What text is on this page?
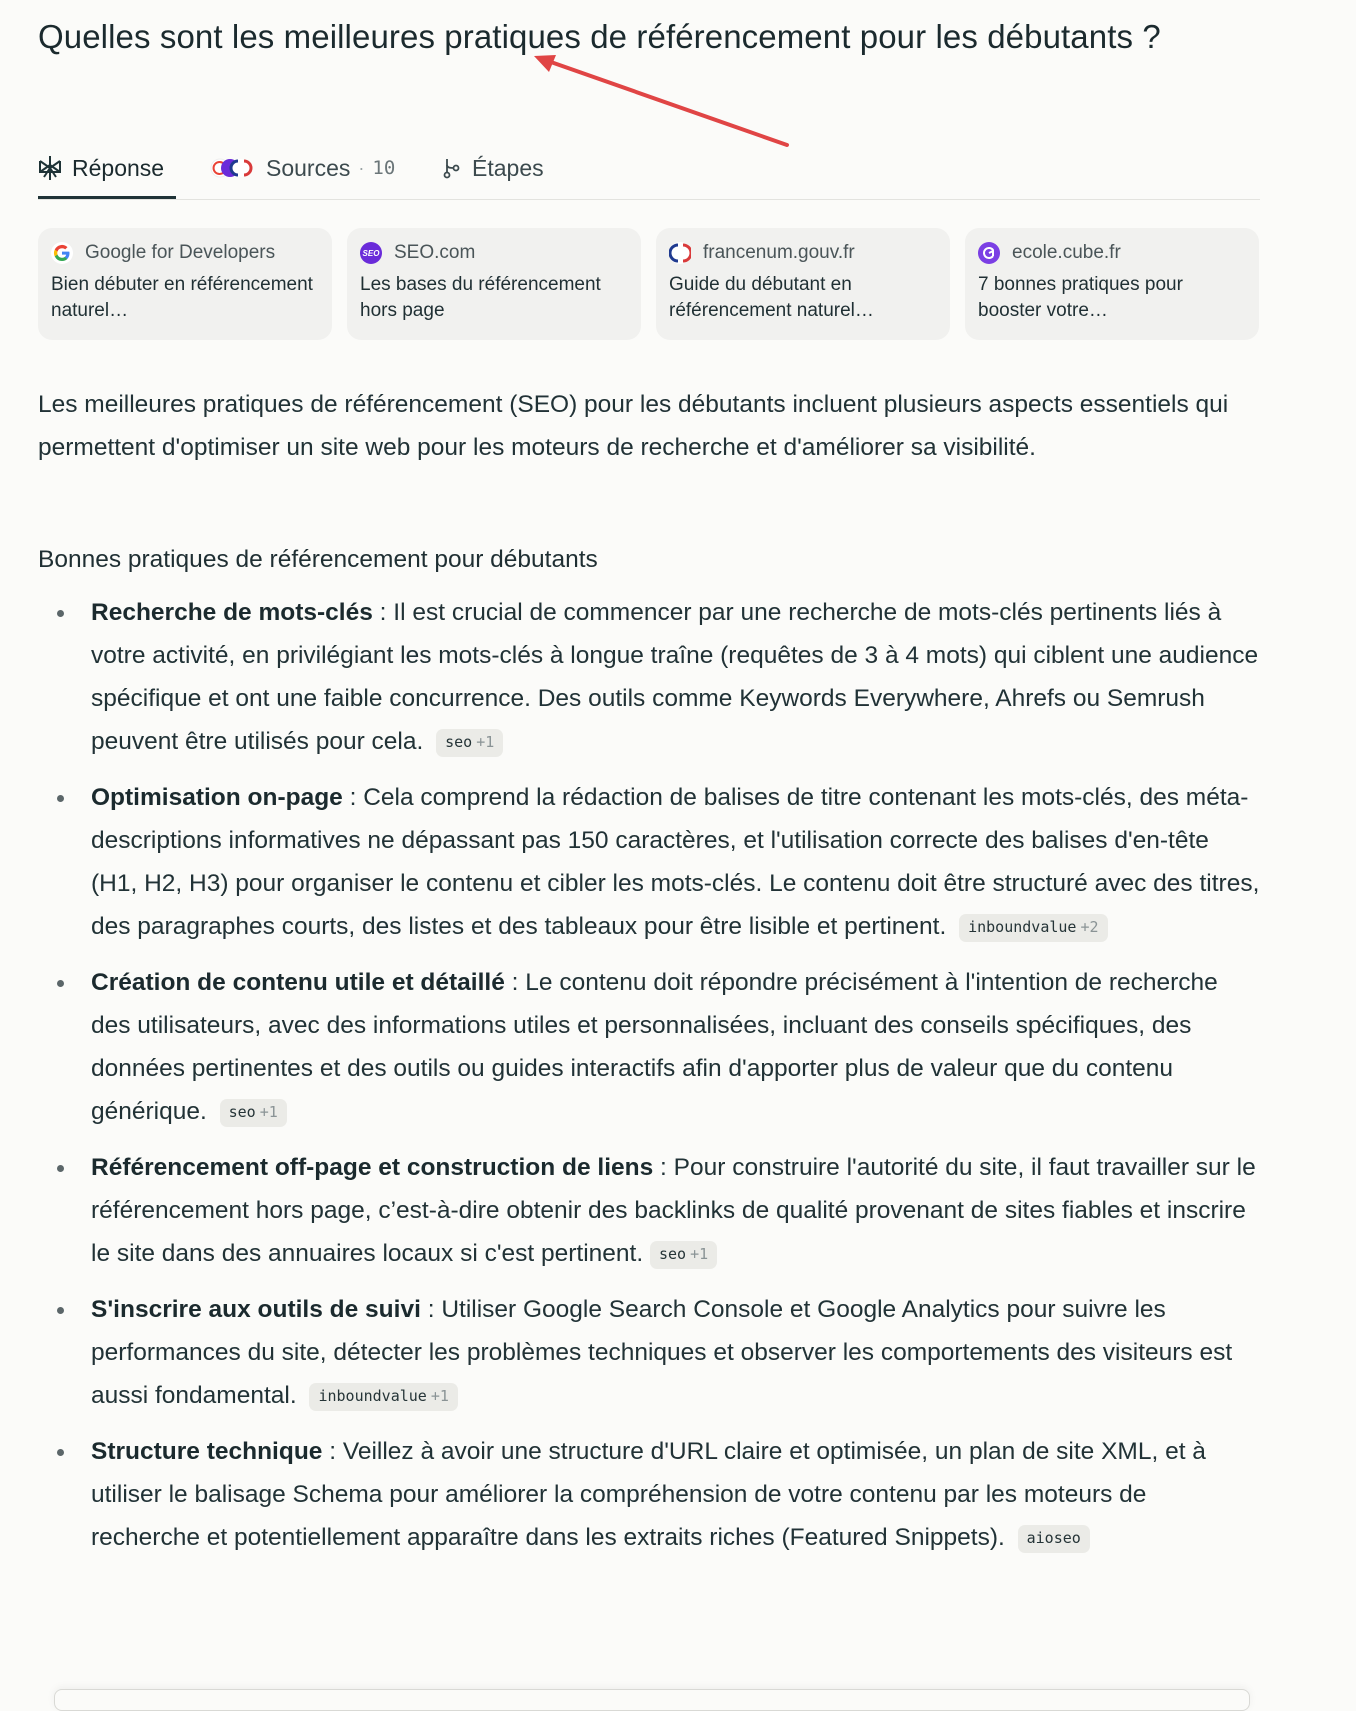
Quelles sont les meilleures pratiques de référencement pour les débutants ?
Réponse	Sources · 10	Étapes
Google for Developers
Bien débuter en référencement naturel…
SEO SEO.com
Les bases du référencement hors page
francenum.gouv.fr
Guide du débutant en référencement naturel…
ecole.cube.fr
7 bonnes pratiques pour booster votre…

Les meilleures pratiques de référencement (SEO) pour les débutants incluent plusieurs aspects essentiels qui permettent d'optimiser un site web pour les moteurs de recherche et d'améliorer sa visibilité.

Bonnes pratiques de référencement pour débutants
Recherche de mots-clés : Il est crucial de commencer par une recherche de mots-clés pertinents liés à votre activité, en privilégiant les mots-clés à longue traîne (requêtes de 3 à 4 mots) qui ciblent une audience spécifique et ont une faible concurrence. Des outils comme Keywords Everywhere, Ahrefs ou Semrush peuvent être utilisés pour cela. seo +1
Optimisation on-page : Cela comprend la rédaction de balises de titre contenant les mots-clés, des méta-descriptions informatives ne dépassant pas 150 caractères, et l'utilisation correcte des balises d'en-tête (H1, H2, H3) pour organiser le contenu et cibler les mots-clés. Le contenu doit être structuré avec des titres, des paragraphes courts, des listes et des tableaux pour être lisible et pertinent. inboundvalue +2
Création de contenu utile et détaillé : Le contenu doit répondre précisément à l'intention de recherche des utilisateurs, avec des informations utiles et personnalisées, incluant des conseils spécifiques, des données pertinentes et des outils ou guides interactifs afin d'apporter plus de valeur que du contenu générique. seo +1
Référencement off-page et construction de liens : Pour construire l'autorité du site, il faut travailler sur le référencement hors page, c’est-à-dire obtenir des backlinks de qualité provenant de sites fiables et inscrire le site dans des annuaires locaux si c'est pertinent. seo +1
S'inscrire aux outils de suivi : Utiliser Google Search Console et Google Analytics pour suivre les performances du site, détecter les problèmes techniques et observer les comportements des visiteurs est aussi fondamental. inboundvalue +1
Structure technique : Veillez à avoir une structure d'URL claire et optimisée, un plan de site XML, et à utiliser le balisage Schema pour améliorer la compréhension de votre contenu par les moteurs de recherche et potentiellement apparaître dans les extraits riches (Featured Snippets). aioseo
